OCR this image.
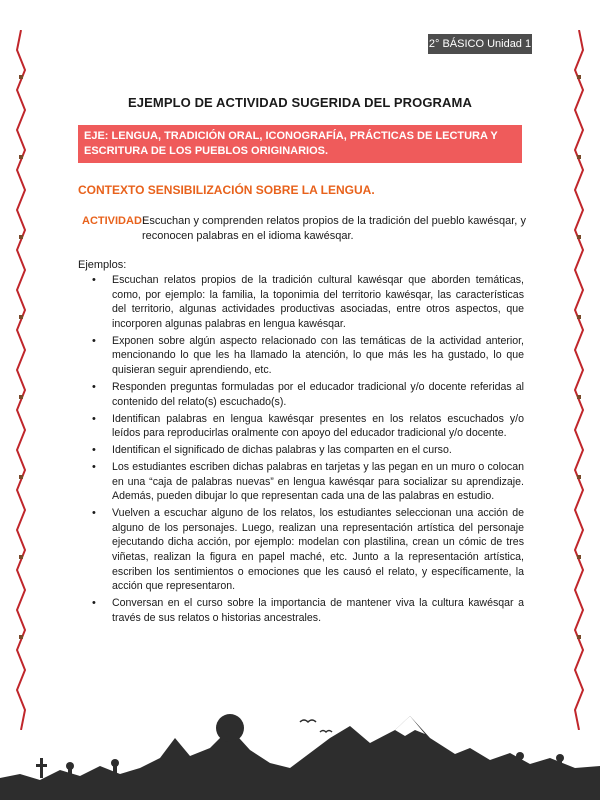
2° BÁSICO Unidad 1
EJEMPLO DE ACTIVIDAD SUGERIDA DEL PROGRAMA
EJE: LENGUA, TRADICIÓN ORAL, ICONOGRAFÍA, PRÁCTICAS DE LECTURA Y ESCRITURA DE LOS PUEBLOS ORIGINARIOS.
CONTEXTO SENSIBILIZACIÓN SOBRE LA LENGUA.
ACTIVIDAD:
Escuchan y comprenden relatos propios de la tradición del pueblo kawésqar, y reconocen palabras en el idioma kawésqar.
Ejemplos:
• Escuchan relatos propios de la tradición cultural kawésqar que aborden temáticas, como, por ejemplo: la familia, la toponimia del territorio kawésqar, las características del territorio, algunas actividades productivas asociadas, entre otros aspectos, que incorporen algunas palabras en lengua kawésqar.
• Exponen sobre algún aspecto relacionado con las temáticas de la actividad anterior, mencionando lo que les ha llamado la atención, lo que más les ha gustado, lo que quisieran seguir aprendiendo, etc.
• Responden preguntas formuladas por el educador tradicional y/o docente referidas al contenido del relato(s) escuchado(s).
• Identifican palabras en lengua kawésqar presentes en los relatos escuchados y/o leídos para reproducirlas oralmente con apoyo del educador tradicional y/o docente.
• Identifican el significado de dichas palabras y las comparten en el curso.
• Los estudiantes escriben dichas palabras en tarjetas y las pegan en un muro o colocan en una “caja de palabras nuevas” en lengua kawésqar para socializar su aprendizaje. Además, pueden dibujar lo que representan cada una de las palabras en estudio.
• Vuelven a escuchar alguno de los relatos, los estudiantes seleccionan una acción de alguno de los personajes. Luego, realizan una representación artística del personaje ejecutando dicha acción, por ejemplo: modelan con plastilina, crean un cómic de tres viñetas, realizan la figura en papel maché, etc. Junto a la representación artística, escriben los sentimientos o emociones que les causó el relato, y específicamente, la acción que representaron.
• Conversan en el curso sobre la importancia de mantener viva la cultura kawésqar a través de sus relatos o historias ancestrales.
